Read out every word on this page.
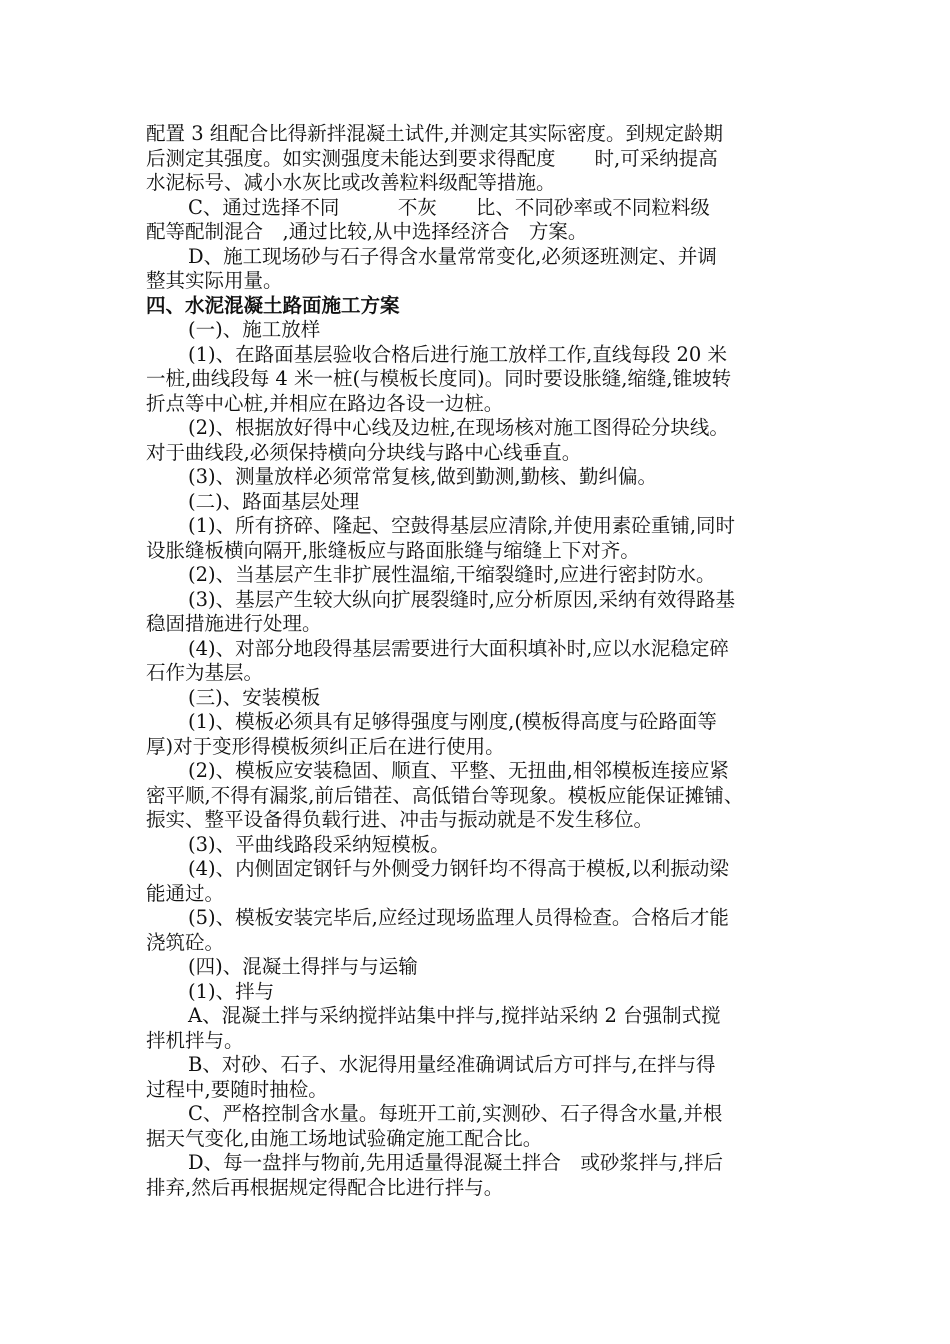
配置 3 组配合比得新拌混凝土试件,并测定其实际密度。到规定龄期
后测定其强度。如实测强度未能达到要求得配度　　时,可采纳提高
水泥标号、减小水灰比或改善粒料级配等措施。
C、通过选择不同　　　不灰　　比、不同砂率或不同粒料级
配等配制混合　,通过比较,从中选择经济合　方案。
D、施工现场砂与石子得含水量常常变化,必须逐班测定、并调
整其实际用量。
四、水泥混凝土路面施工方案
(一)、施工放样
(1)、在路面基层验收合格后进行施工放样工作,直线每段 20 米
一桩,曲线段每 4 米一桩(与模板长度同)。同时要设胀缝,缩缝,锥坡转
折点等中心桩,并相应在路边各设一边桩。
(2)、根据放好得中心线及边桩,在现场核对施工图得砼分块线。
对于曲线段,必须保持横向分块线与路中心线垂直。
(3)、测量放样必须常常复核,做到勤测,勤核、勤纠偏。
(二)、路面基层处理
(1)、所有挤碎、隆起、空鼓得基层应清除,并使用素砼重铺,同时
设胀缝板横向隔开,胀缝板应与路面胀缝与缩缝上下对齐。
(2)、当基层产生非扩展性温缩,干缩裂缝时,应进行密封防水。
(3)、基层产生较大纵向扩展裂缝时,应分析原因,采纳有效得路基
稳固措施进行处理。
(4)、对部分地段得基层需要进行大面积填补时,应以水泥稳定碎
石作为基层。
(三)、安装模板
(1)、模板必须具有足够得强度与刚度,(模板得高度与砼路面等
厚)对于变形得模板须纠正后在进行使用。
(2)、模板应安装稳固、顺直、平整、无扭曲,相邻模板连接应紧
密平顺,不得有漏浆,前后错茬、高低错台等现象。模板应能保证摊铺、
振实、整平设备得负载行进、冲击与振动就是不发生移位。
(3)、平曲线路段采纳短模板。
(4)、内侧固定钢钎与外侧受力钢钎均不得高于模板,以利振动梁
能通过。
(5)、模板安装完毕后,应经过现场监理人员得检查。合格后才能
浇筑砼。
(四)、混凝土得拌与与运输
(1)、拌与
A、混凝土拌与采纳搅拌站集中拌与,搅拌站采纳 2 台强制式搅
拌机拌与。
B、对砂、石子、水泥得用量经准确调试后方可拌与,在拌与得
过程中,要随时抽检。
C、严格控制含水量。每班开工前,实测砂、石子得含水量,并根
据天气变化,由施工场地试验确定施工配合比。
D、每一盘拌与物前,先用适量得混凝土拌合　或砂浆拌与,拌后
排弃,然后再根据规定得配合比进行拌与。
